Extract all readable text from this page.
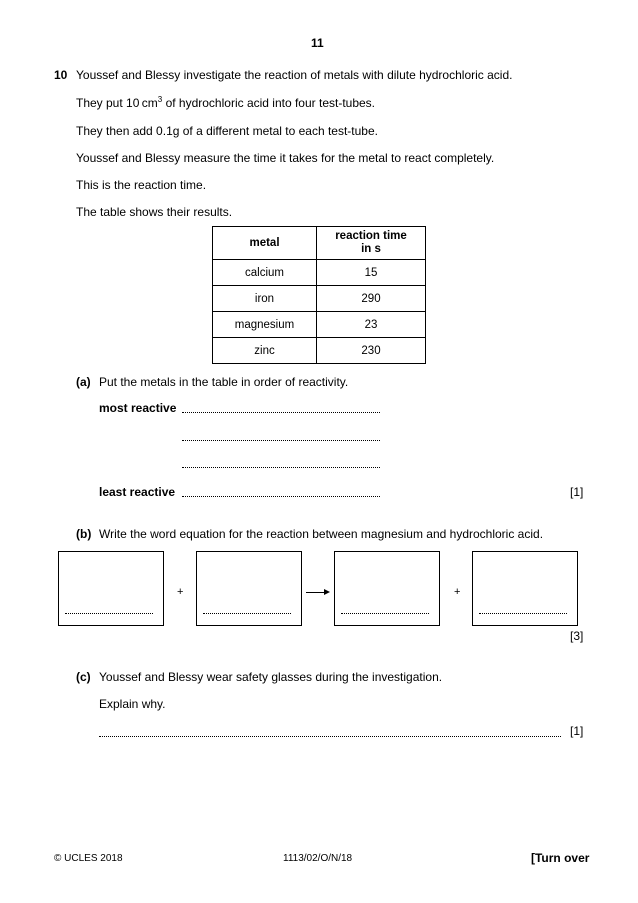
11
10 Youssef and Blessy investigate the reaction of metals with dilute hydrochloric acid.
They put 10 $cm^3$ of hydrochloric acid into four test-tubes.
They then add 0.1g of a different metal to each test-tube.
Youssef and Blessy measure the time it takes for the metal to react completely.
This is the reaction time.
The table shows their results.
metal	reaction time
in s
calcium	15
iron	290
magnesium	23
zinc	230
(a) Put the metals in the table in order of reactivity.
most reactive
least reactive	[1]
(b) Write the word equation for the reaction between magnesium and hydrochloric acid.
+	+
[3]
(c) Youssef and Blessy wear safety glasses during the investigation.
Explain why.
[1]
© UCLES 2018	1113/02/O/N/18	[Turn over
